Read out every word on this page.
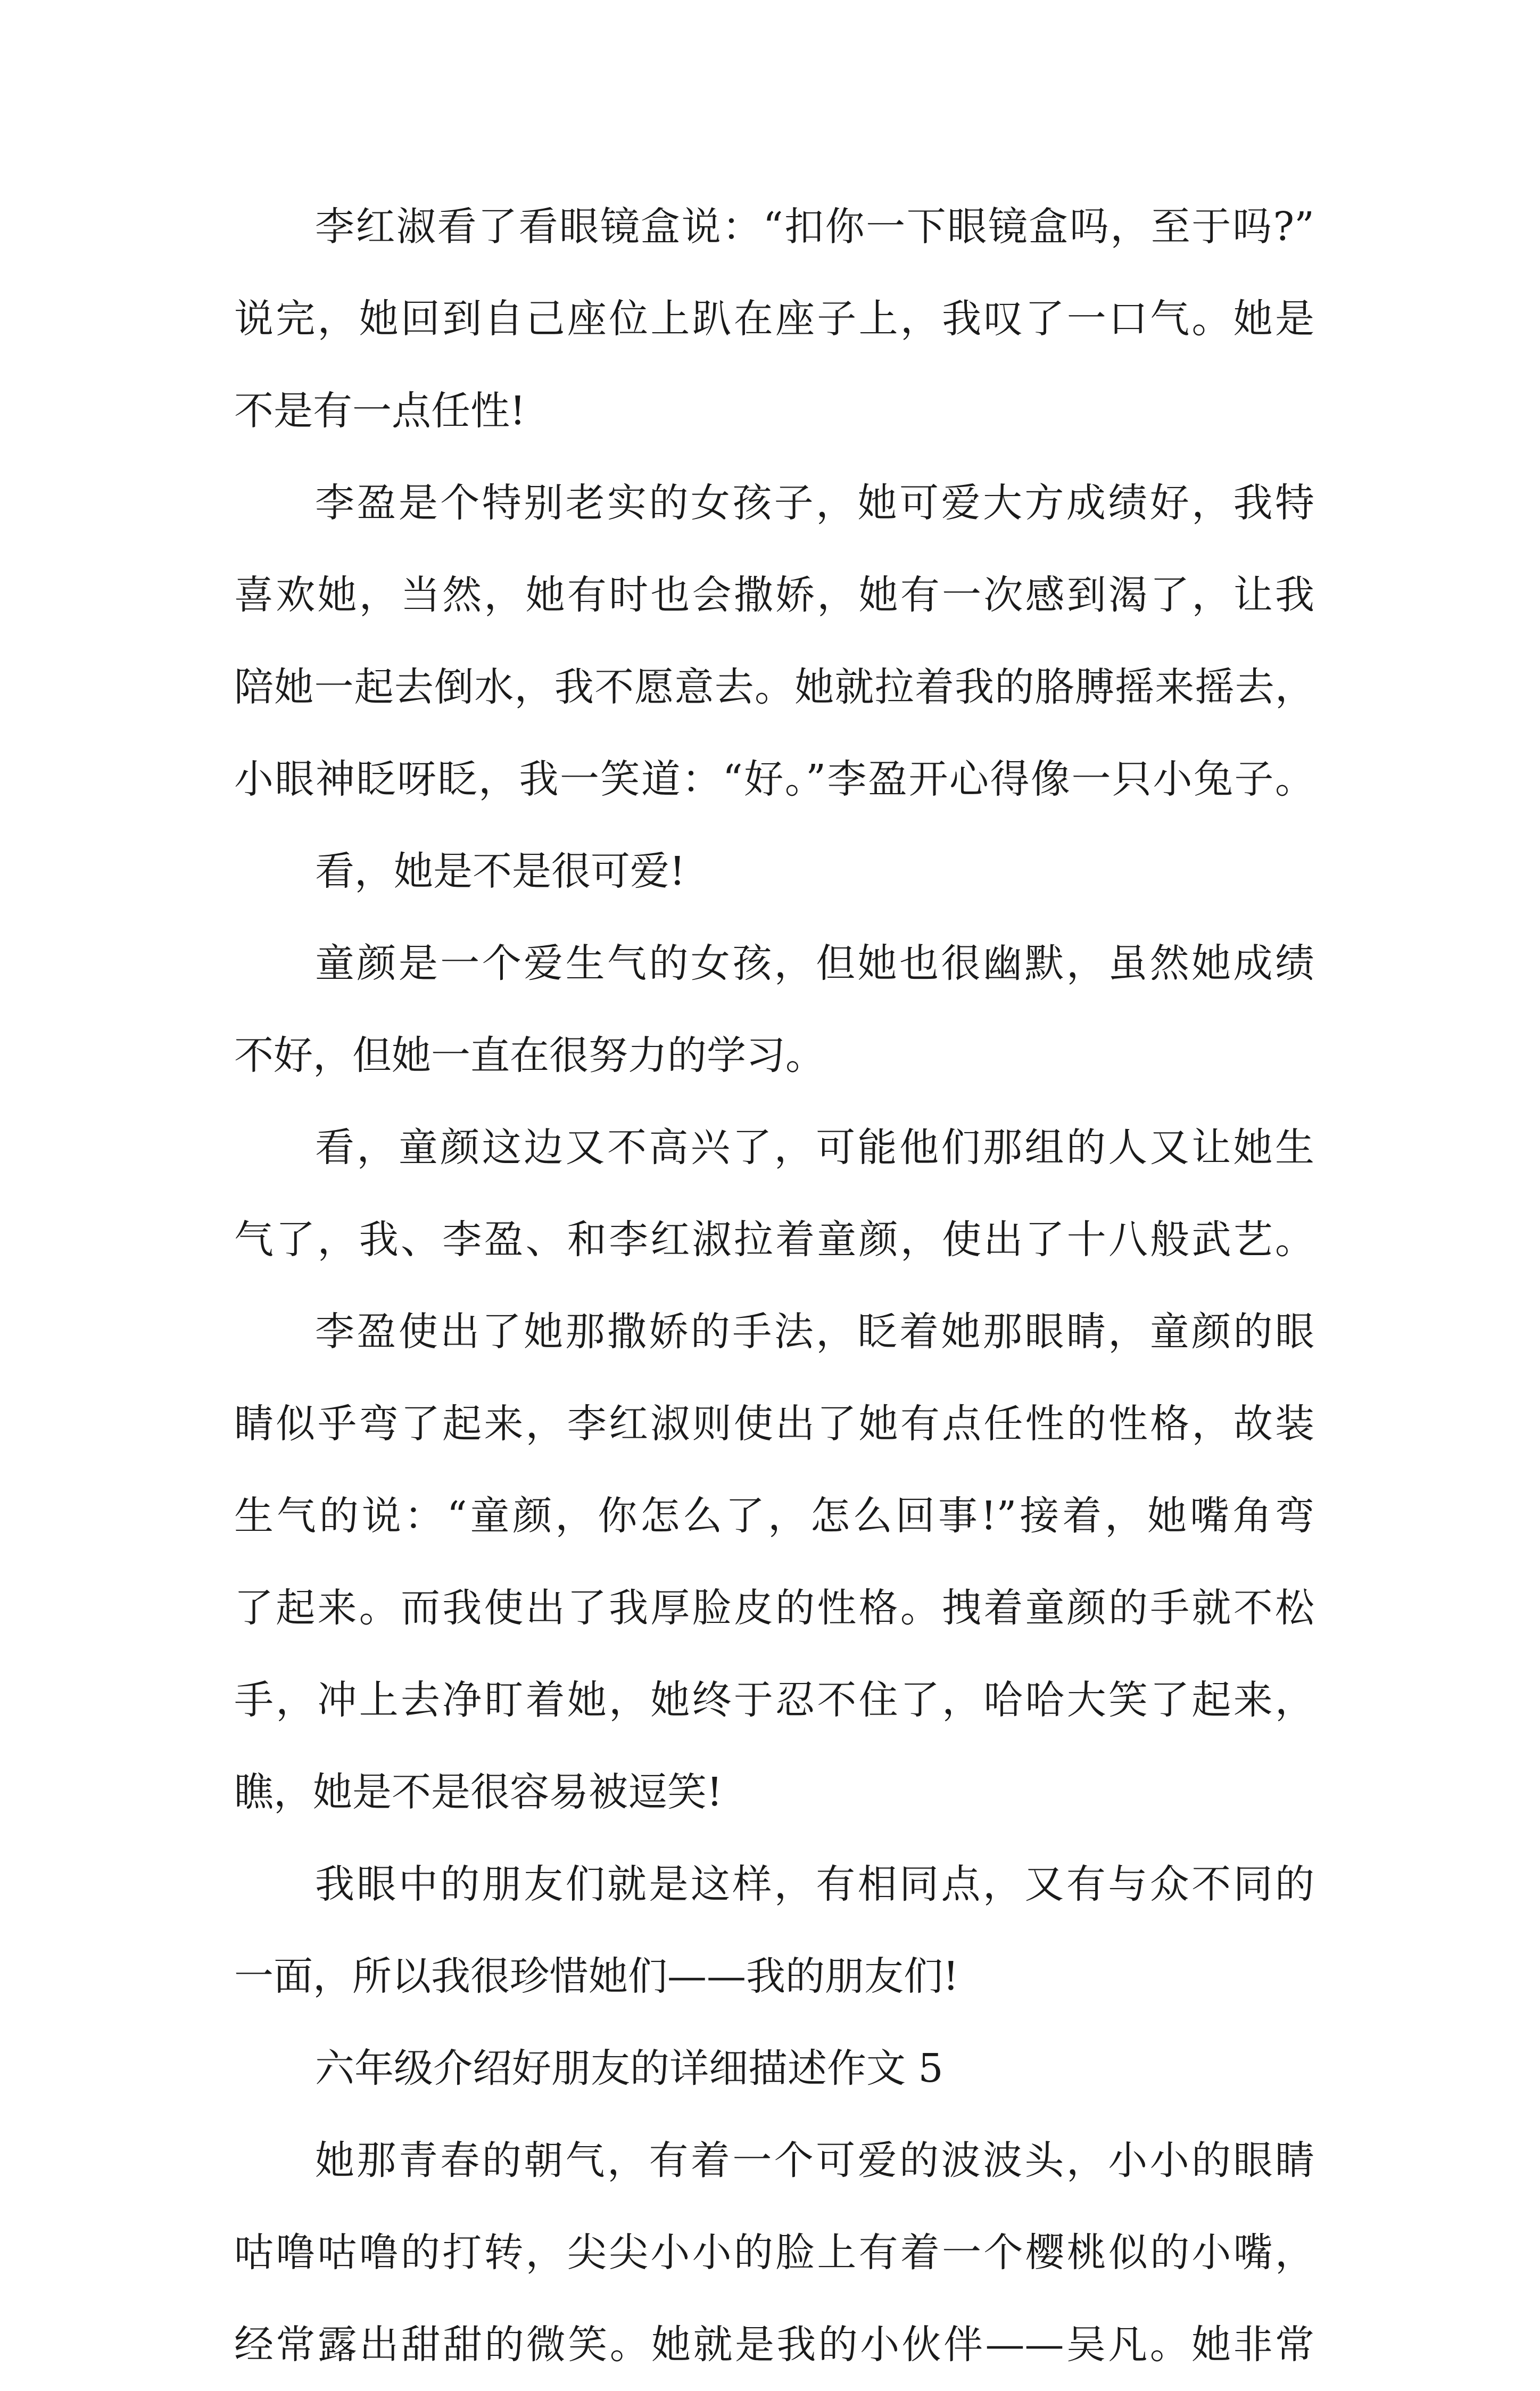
李红淑看了看眼镜盒说：“扣你一下眼镜盒吗，至于吗?”
说完，她回到自己座位上趴在座子上，我叹了一口气。她是
不是有一点任性!
李盈是个特别老实的女孩子，她可爱大方成绩好，我特
喜欢她，当然，她有时也会撒娇，她有一次感到渴了，让我
陪她一起去倒水，我不愿意去。她就拉着我的胳膊摇来摇去，
小眼神眨呀眨，我一笑道：“好。”李盈开心得像一只小兔子。
看，她是不是很可爱!
童颜是一个爱生气的女孩，但她也很幽默，虽然她成绩
不好，但她一直在很努力的学习。
看，童颜这边又不高兴了，可能他们那组的人又让她生
气了，我、李盈、和李红淑拉着童颜，使出了十八般武艺。
李盈使出了她那撒娇的手法，眨着她那眼睛，童颜的眼
睛似乎弯了起来，李红淑则使出了她有点任性的性格，故装
生气的说：“童颜，你怎么了，怎么回事!”接着，她嘴角弯
了起来。而我使出了我厚脸皮的性格。拽着童颜的手就不松
手，冲上去净盯着她，她终于忍不住了，哈哈大笑了起来，
瞧，她是不是很容易被逗笑!
我眼中的朋友们就是这样，有相同点，又有与众不同的
一面，所以我很珍惜她们——我的朋友们!
六年级介绍好朋友的详细描述作文 5
她那青春的朝气，有着一个可爱的波波头，小小的眼睛
咕噜咕噜的打转，尖尖小小的脸上有着一个樱桃似的小嘴，
经常露出甜甜的微笑。她就是我的小伙伴——吴凡。她非常
